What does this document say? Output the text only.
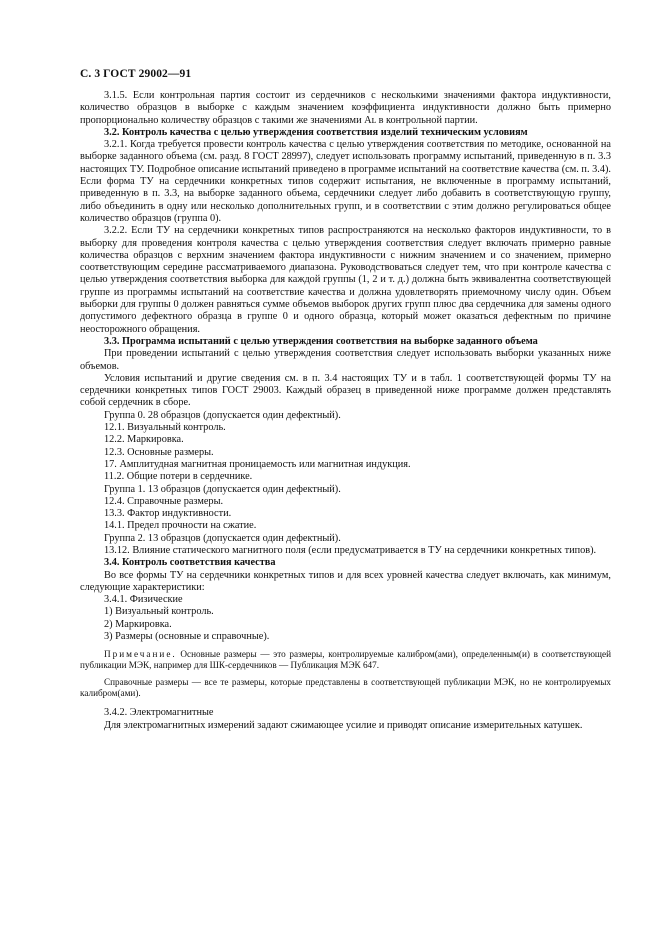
С. 3 ГОСТ 29002—91

3.1.5. Если контрольная партия состоит из сердечников с несколькими значениями фактора индуктивности, количество образцов в выборке с каждым значением коэффициента индуктивности должно быть примерно пропорционально количеству образцов с такими же значениями Aʟ в контрольной партии.

3.2. Контроль качества с целью утверждения соответствия изделий техническим условиям

3.2.1. Когда требуется провести контроль качества с целью утверждения соответствия по методике, основанной на выборке заданного объема (см. разд. 8 ГОСТ 28997), следует использовать программу испытаний, приведенную в п. 3.3 настоящих ТУ. Подробное описание испытаний приведено в программе испытаний на соответствие качества (см. п. 3.4). Если форма ТУ на сердечники конкретных типов содержит испытания, не включенные в программу испытаний, приведенную в п. 3.3, на выборке заданного объема, сердечники следует либо добавить в соответствующую группу, либо объединить в одну или несколько дополнительных групп, и в соответствии с этим должно регулироваться общее количество образцов (группа 0).

3.2.2. Если ТУ на сердечники конкретных типов распространяются на несколько факторов индуктивности, то в выборку для проведения контроля качества с целью утверждения соответствия следует включать примерно равные количества образцов с верхним значением фактора индуктивности с нижним значением и со значением, примерно соответствующим середине рассматриваемого диапазона. Руководствоваться следует тем, что при контроле качества с целью утверждения соответствия выборка для каждой группы (1, 2 и т. д.) должна быть эквивалентна соответствующей группе из программы испытаний на соответствие качества и должна удовлетворять приемочному числу один. Объем выборки для группы 0 должен равняться сумме объемов выборок других групп плюс два сердечника для замены одного допустимого дефектного образца в группе 0 и одного образца, который может оказаться дефектным по причине неосторожного обращения.

3.3. Программа испытаний с целью утверждения соответствия на выборке заданного объема

При проведении испытаний с целью утверждения соответствия следует использовать выборки указанных ниже объемов.

Условия испытаний и другие сведения см. в п. 3.4 настоящих ТУ и в табл. 1 соответствующей формы ТУ на сердечники конкретных типов ГОСТ 29003. Каждый образец в приведенной ниже программе должен представлять собой сердечник в сборе.

Группа 0. 28 образцов (допускается один дефектный).

12.1. Визуальный контроль.

12.2. Маркировка.

12.3. Основные размеры.

17. Амплитудная магнитная проницаемость или магнитная индукция.

11.2. Общие потери в сердечнике.

Группа 1. 13 образцов (допускается один дефектный).

12.4. Справочные размеры.

13.3. Фактор индуктивности.

14.1. Предел прочности на сжатие.

Группа 2. 13 образцов (допускается один дефектный).

13.12. Влияние статического магнитного поля (если предусматривается в ТУ на сердечники конкретных типов).

3.4. Контроль соответствия качества

Во все формы ТУ на сердечники конкретных типов и для всех уровней качества следует включать, как минимум, следующие характеристики:

3.4.1. Физические

1) Визуальный контроль.

2) Маркировка.

3) Размеры (основные и справочные).

Примечание. Основные размеры — это размеры, контролируемые калибром(ами), определенным(и) в соответствующей публикации МЭК, например для ШК-сердечников — Публикация МЭК 647.

Справочные размеры — все те размеры, которые представлены в соответствующей публикации МЭК, но не контролируемых калибром(ами).

3.4.2. Электромагнитные

Для электромагнитных измерений задают сжимающее усилие и приводят описание измерительных катушек.
